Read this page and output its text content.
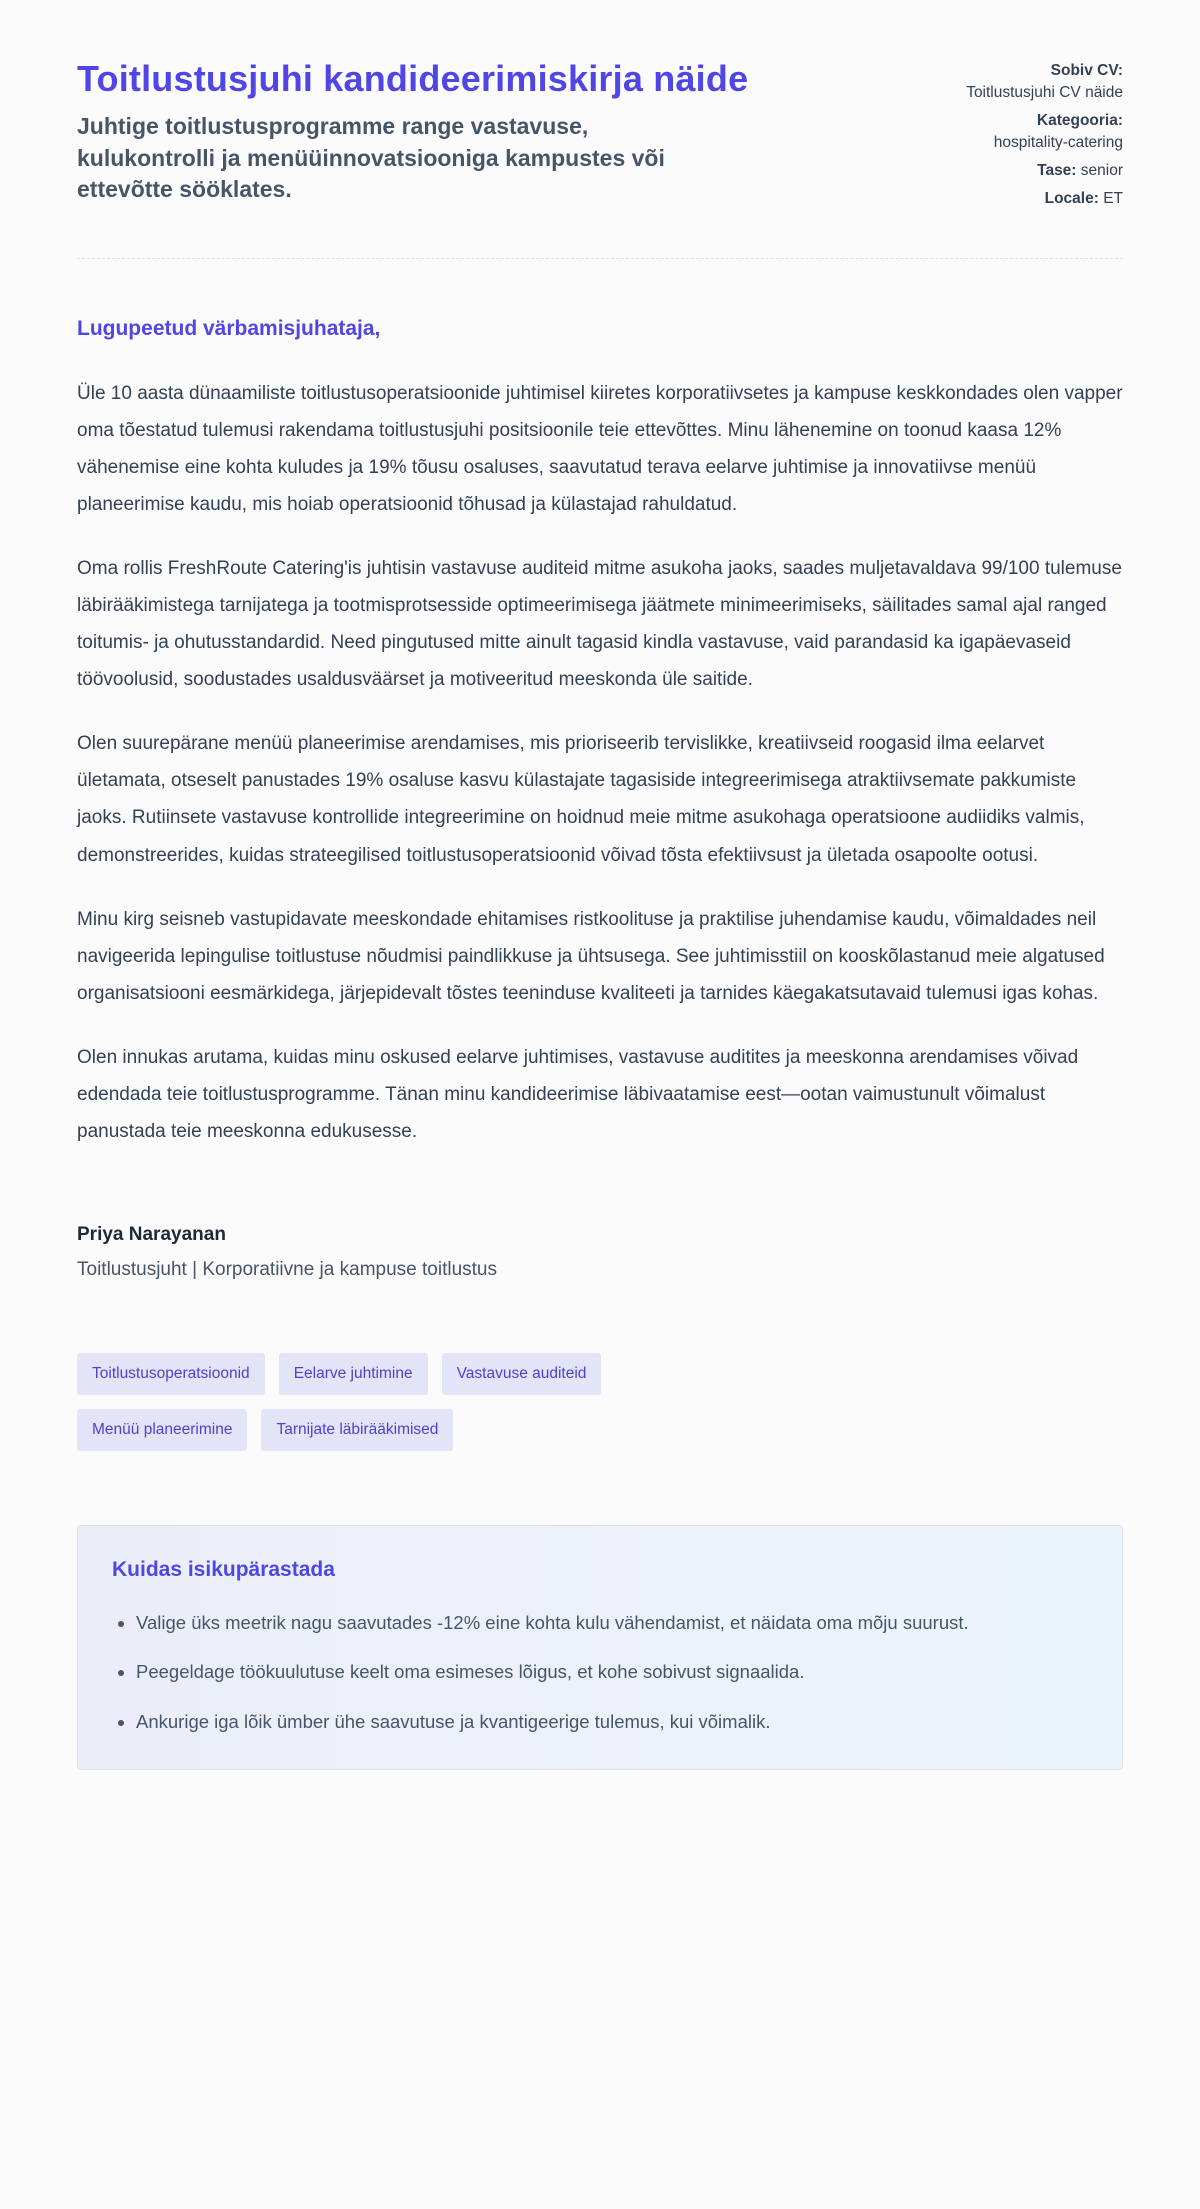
Toitlustusjuhi kandideerimiskirja näide

Juhtige toitlustusprogramme range vastavuse, kulukontrolli ja menüüinnovatsiooniga kampustes või ettevõtte sööklates.

Sobiv CV: Toitlustusjuhi CV näide
Kategooria: hospitality-catering
Tase: senior
Locale: ET

Lugupeetud värbamisjuhataja,

Üle 10 aasta dünaamiliste toitlustusoperatsioonide juhtimisel kiiretes korporatiivsetes ja kampuse keskkondades olen vapper oma tõestatud tulemusi rakendama toitlustusjuhi positsioonile teie ettevõttes. Minu lähenemine on toonud kaasa 12% vähenemise eine kohta kuludes ja 19% tõusu osaluses, saavutatud terava eelarve juhtimise ja innovatiivse menüü planeerimise kaudu, mis hoiab operatsioonid tõhusad ja külastajad rahuldatud.

Oma rollis FreshRoute Catering'is juhtisin vastavuse auditeid mitme asukoha jaoks, saades muljetavaldava 99/100 tulemuse läbirääkimistega tarnijatega ja tootmisprotsesside optimeerimisega jäätmete minimeerimiseks, säilitades samal ajal ranged toitumis- ja ohutusstandardid. Need pingutused mitte ainult tagasid kindla vastavuse, vaid parandasid ka igapäevaseid töövoolusid, soodustades usaldusväärset ja motiveeritud meeskonda üle saitide.

Olen suurepärane menüü planeerimise arendamises, mis prioriseerib tervislikke, kreatiivseid roogasid ilma eelarvet ületamata, otseselt panustades 19% osaluse kasvu külastajate tagasiside integreerimisega atraktiivsemate pakkumiste jaoks. Rutiinsete vastavuse kontrollide integreerimine on hoidnud meie mitme asukohaga operatsioone audiidiks valmis, demonstreerides, kuidas strateegilised toitlustusoperatsioonid võivad tõsta efektiivsust ja ületada osapoolte ootusi.

Minu kirg seisneb vastupidavate meeskondade ehitamises ristkoolituse ja praktilise juhendamise kaudu, võimaldades neil navigeerida lepingulise toitlustuse nõudmisi paindlikkuse ja ühtsusega. See juhtimisstiil on kooskõlastanud meie algatused organisatsiooni eesmärkidega, järjepidevalt tõstes teeninduse kvaliteeti ja tarnides käegakatsutavaid tulemusi igas kohas.

Olen innukas arutama, kuidas minu oskused eelarve juhtimises, vastavuse auditites ja meeskonna arendamises võivad edendada teie toitlustusprogramme. Tänan minu kandideerimise läbivaatamise eest—ootan vaimustunult võimalust panustada teie meeskonna edukusesse.

Priya Narayanan

Toitlustusjuht | Korporatiivne ja kampuse toitlustus

Toitlustusoperatsioonid	Eelarve juhtimine	Vastavuse auditeid
Menüü planeerimine	Tarnijate läbirääkimised
Kuidas isikupärastada
• Valige üks meetrik nagu saavutades -12% eine kohta kulu vähendamist, et näidata oma mõju suurust.
• Peegeldage töökuulutuse keelt oma esimeses lõigus, et kohe sobivust signaalida.
• Ankurige iga lõik ümber ühe saavutuse ja kvantigeerige tulemus, kui võimalik.
